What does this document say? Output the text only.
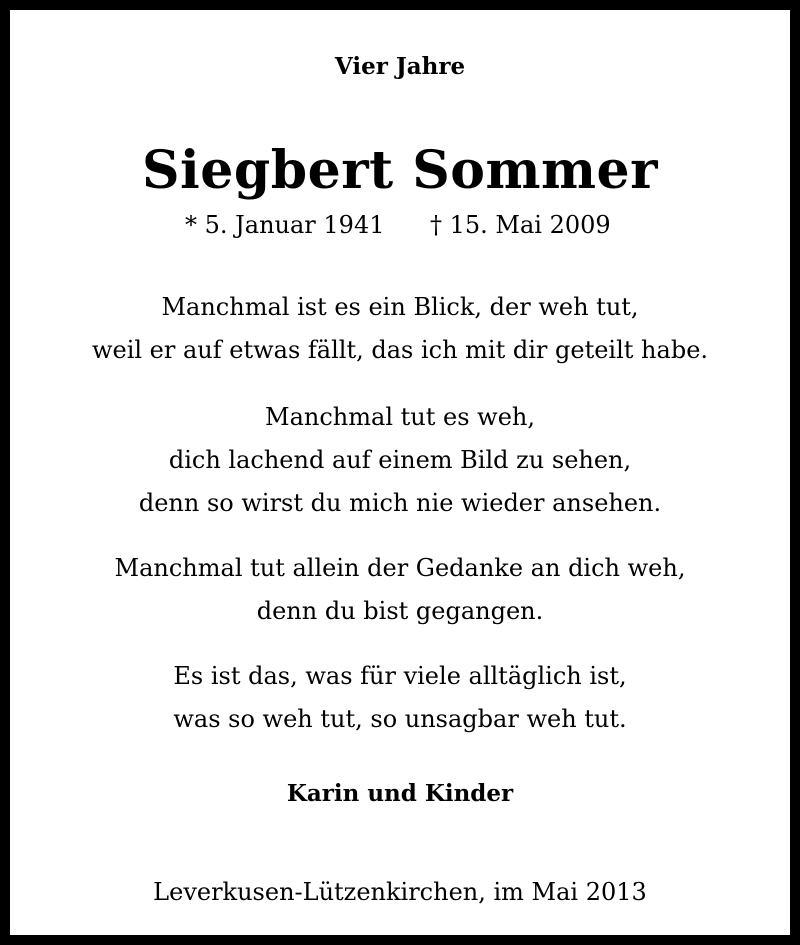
Vier Jahre
Siegbert Sommer
* 5. Januar 1941 † 15. Mai 2009
Manchmal ist es ein Blick, der weh tut,
weil er auf etwas fällt, das ich mit dir geteilt habe.
Manchmal tut es weh,
dich lachend auf einem Bild zu sehen,
denn so wirst du mich nie wieder ansehen.
Manchmal tut allein der Gedanke an dich weh,
denn du bist gegangen.
Es ist das, was für viele alltäglich ist,
was so weh tut, so unsagbar weh tut.
Karin und Kinder
Leverkusen-Lützenkirchen, im Mai 2013
